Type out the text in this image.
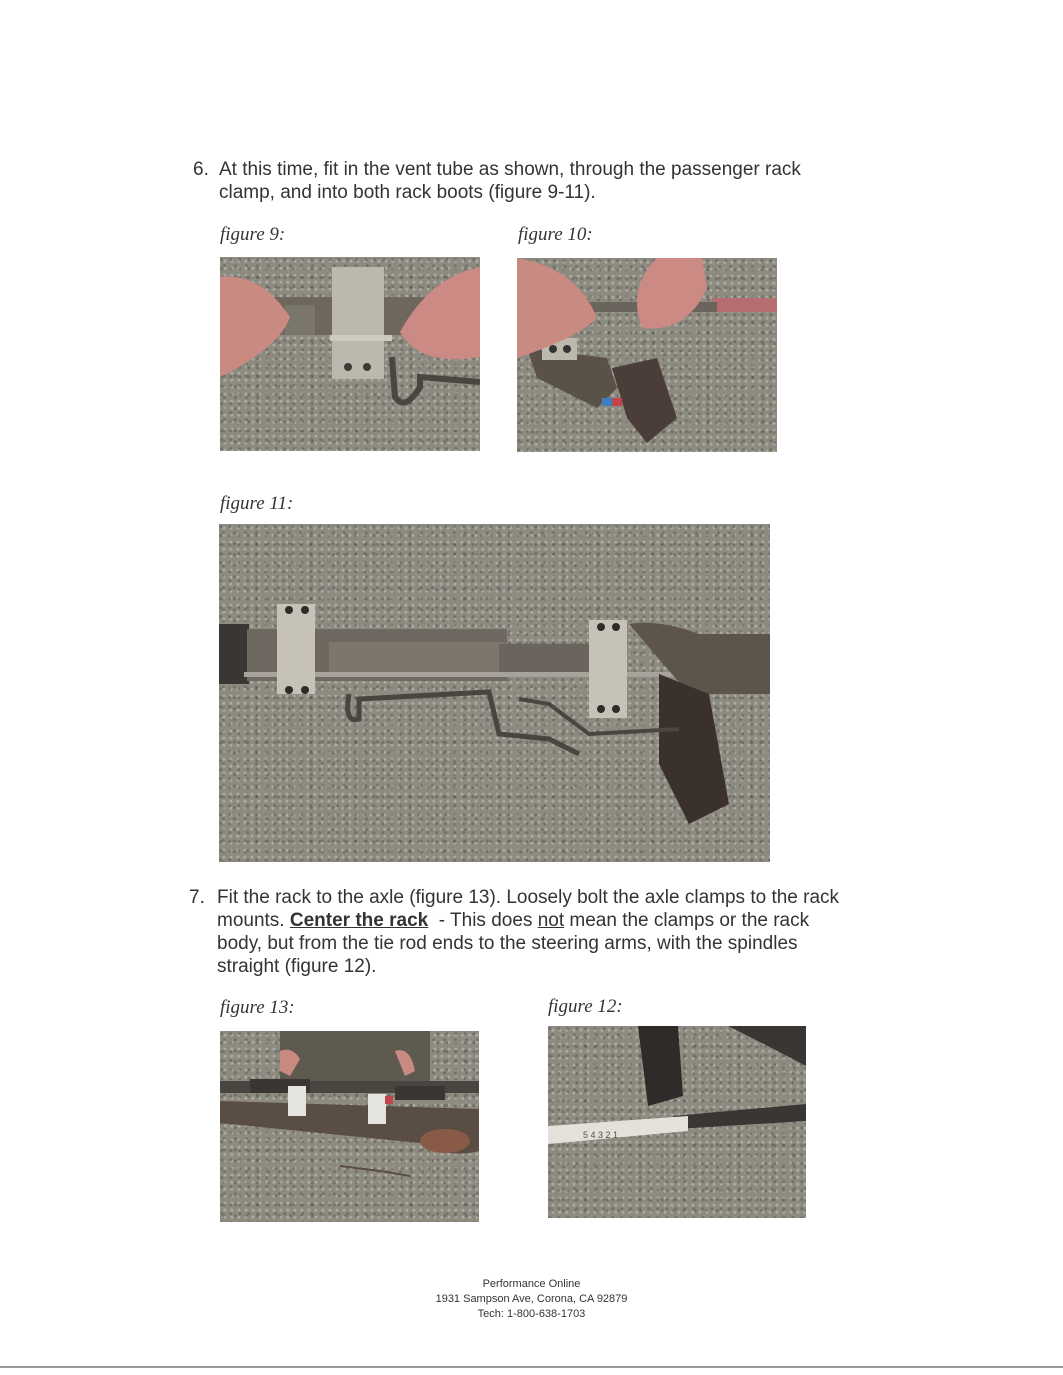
6. At this time, fit in the vent tube as shown, through the passenger rack
clamp, and into both rack boots (figure 9-11).
figure 9:	figure 10:
figure 11:
7. Fit the rack to the axle (figure 13). Loosely bolt the axle clamps to the rack
mounts. Center the rack  - This does not mean the clamps or the rack
body, but from the tie rod ends to the steering arms, with the spindles
straight (figure 12).
figure 13:	figure 12:
5 4 3 2 1
Performance Online
1931 Sampson Ave, Corona, CA 92879
Tech: 1-800-638-1703
